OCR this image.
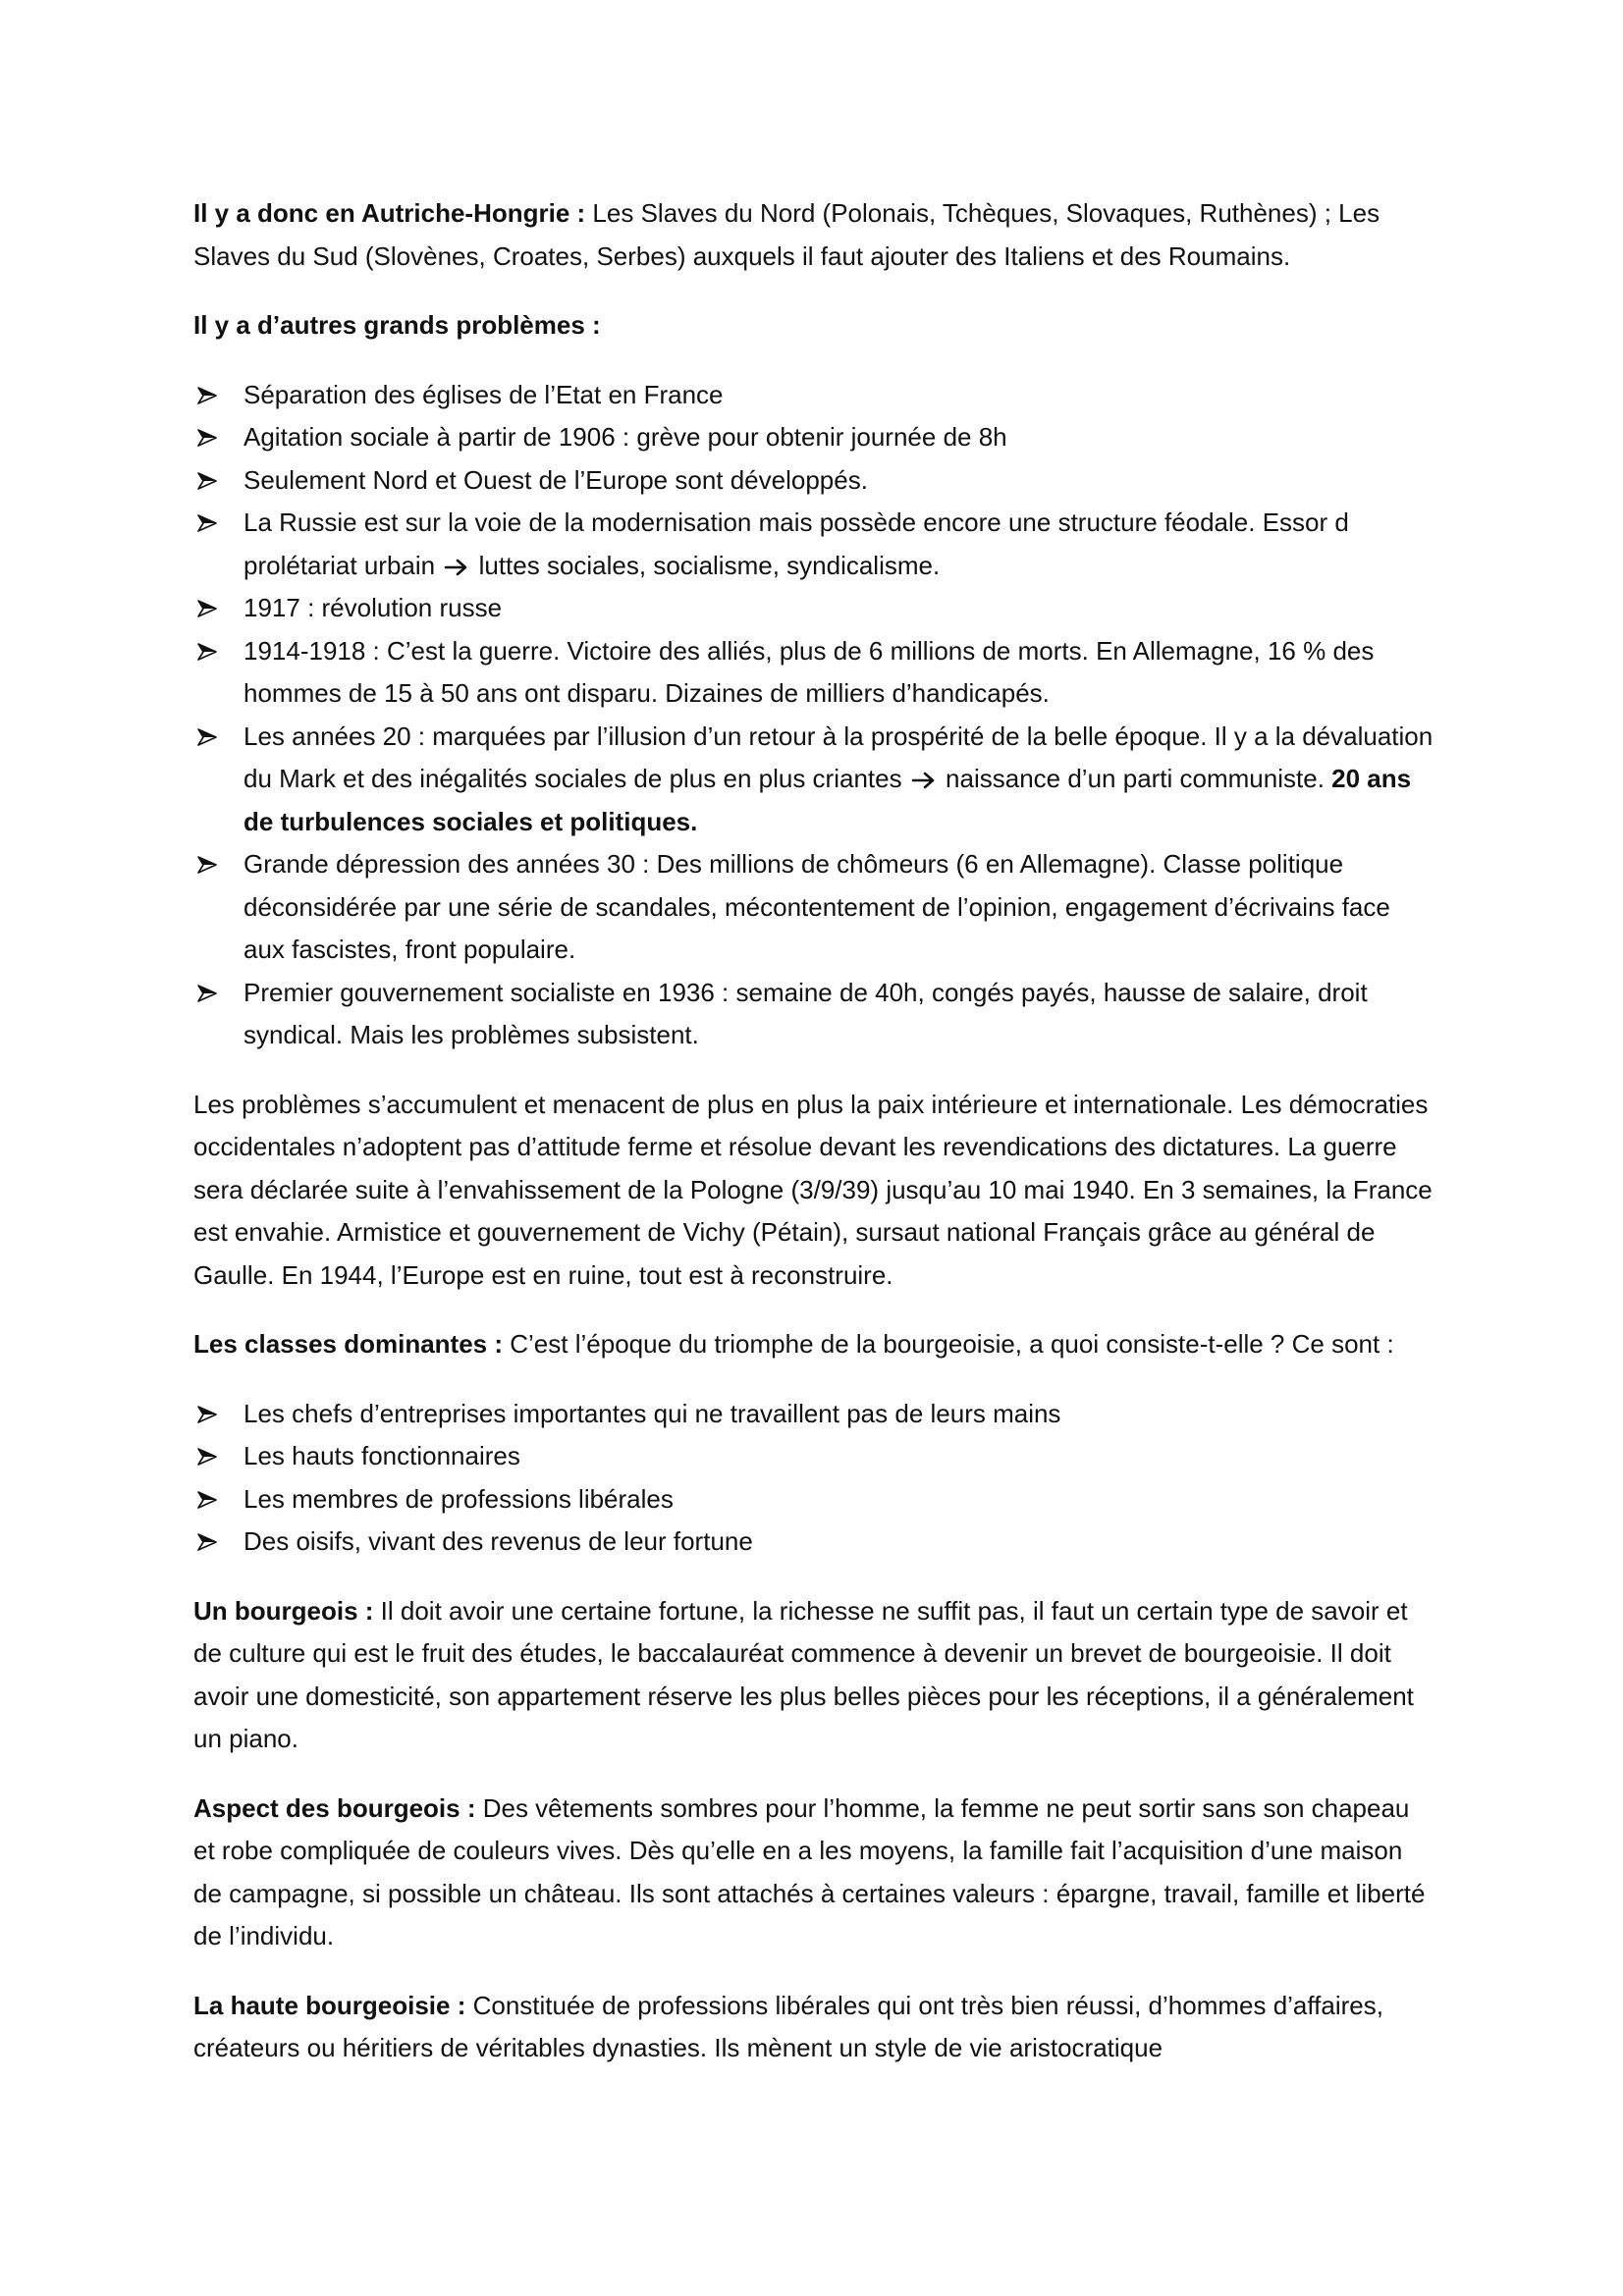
Il y a donc en Autriche-Hongrie : Les Slaves du Nord (Polonais, Tchèques, Slovaques, Ruthènes) ; Les Slaves du Sud (Slovènes, Croates, Serbes) auxquels il faut ajouter des Italiens et des Roumains.

Il y a d’autres grands problèmes :

Séparation des églises de l’Etat en France
Agitation sociale à partir de 1906 : grève pour obtenir journée de 8h
Seulement Nord et Ouest de l’Europe sont développés.
La Russie est sur la voie de la modernisation mais possède encore une structure féodale. Essor d prolétariat urbain  luttes sociales, socialisme, syndicalisme.
1917 : révolution russe
1914-1918 : C’est la guerre. Victoire des alliés, plus de 6 millions de morts. En Allemagne, 16 % des hommes de 15 à 50 ans ont disparu. Dizaines de milliers d’handicapés.
Les années 20 : marquées par l’illusion d’un retour à la prospérité de la belle époque. Il y a la dévaluation du Mark et des inégalités sociales de plus en plus criantes  naissance d’un parti communiste. 20 ans de turbulences sociales et politiques.
Grande dépression des années 30 : Des millions de chômeurs (6 en Allemagne). Classe politique déconsidérée par une série de scandales, mécontentement de l’opinion, engagement d’écrivains face aux fascistes, front populaire.
Premier gouvernement socialiste en 1936 : semaine de 40h, congés payés, hausse de salaire, droit syndical. Mais les problèmes subsistent.

Les problèmes s’accumulent et menacent de plus en plus la paix intérieure et internationale. Les démocraties occidentales n’adoptent pas d’attitude ferme et résolue devant les revendications des dictatures. La guerre sera déclarée suite à l’envahissement de la Pologne (3/9/39) jusqu’au 10 mai 1940. En 3 semaines, la France est envahie. Armistice et gouvernement de Vichy (Pétain), sursaut national Français grâce au général de Gaulle. En 1944, l’Europe est en ruine, tout est à reconstruire.

Les classes dominantes : C’est l’époque du triomphe de la bourgeoisie, a quoi consiste-t-elle ? Ce sont :

Les chefs d’entreprises importantes qui ne travaillent pas de leurs mains
Les hauts fonctionnaires
Les membres de professions libérales
Des oisifs, vivant des revenus de leur fortune

Un bourgeois : Il doit avoir une certaine fortune, la richesse ne suffit pas, il faut un certain type de savoir et de culture qui est le fruit des études, le baccalauréat commence à devenir un brevet de bourgeoisie. Il doit avoir une domesticité, son appartement réserve les plus belles pièces pour les réceptions, il a généralement un piano.

Aspect des bourgeois : Des vêtements sombres pour l’homme, la femme ne peut sortir sans son chapeau et robe compliquée de couleurs vives. Dès qu’elle en a les moyens, la famille fait l’acquisition d’une maison de campagne, si possible un château. Ils sont attachés à certaines valeurs : épargne, travail, famille et liberté de l’individu.

La haute bourgeoisie : Constituée de professions libérales qui ont très bien réussi, d’hommes d’affaires, créateurs ou héritiers de véritables dynasties. Ils mènent un style de vie aristocratique
